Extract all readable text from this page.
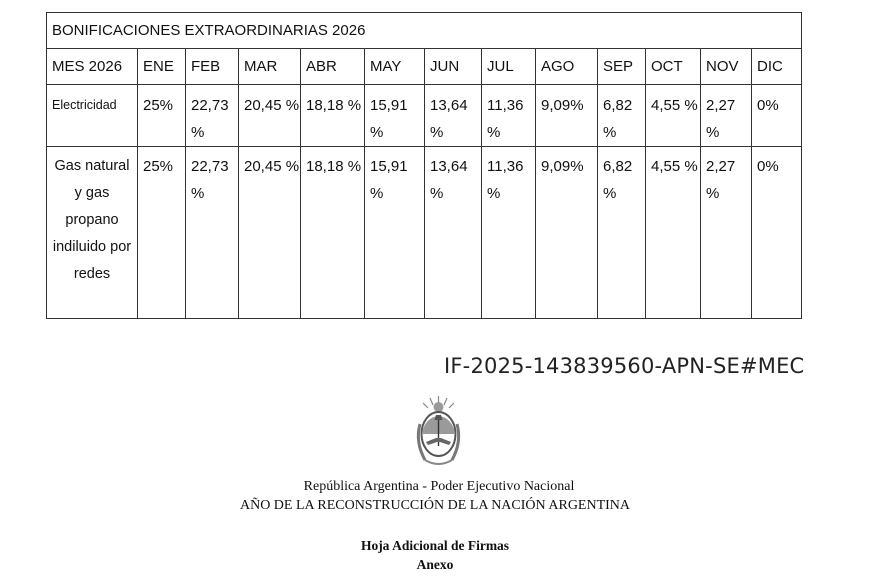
BONIFICACIONES EXTRAORDINARIAS 2026												
MES 2026	ENE	FEB	MAR	ABR	MAY	JUN	JUL	AGO	SEP	OCT	NOV	DIC
Electricidad	25%	22,73 %	20,45 %	18,18 %	15,91 %	13,64 %	11,36 %	9,09%	6,82 %	4,55 %	2,27 %	0%
Gas natural y gas propano indiluido por redes	25%	22,73 %	20,45 %	18,18 %	15,91 %	13,64 %	11,36 %	9,09%	6,82 %	4,55 %	2,27 %	0%
IF-2025-143839560-APN-SE#MEC
República Argentina - Poder Ejecutivo Nacional
AÑO DE LA RECONSTRUCCIÓN DE LA NACIÓN ARGENTINA
Hoja Adicional de Firmas
Anexo
